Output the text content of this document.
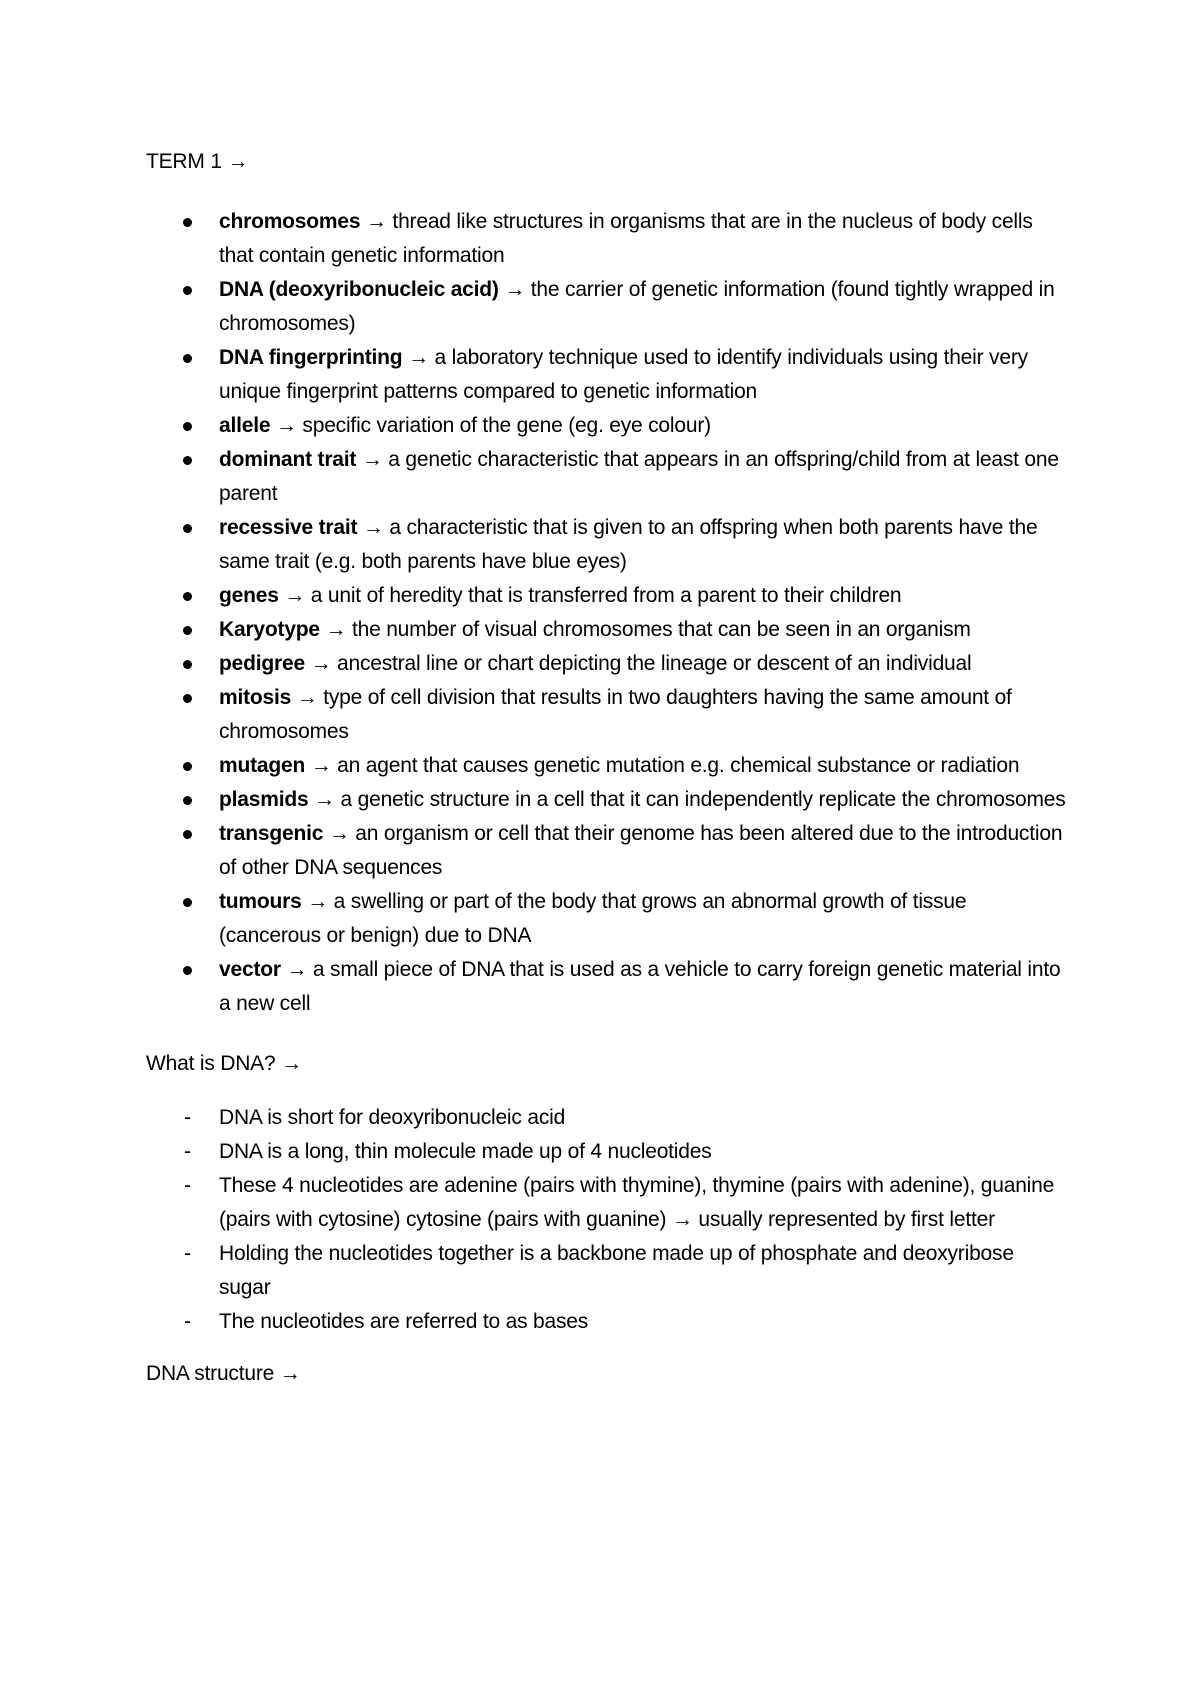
TERM 1 →

chromosomes → thread like structures in organisms that are in the nucleus of body cells that contain genetic information
DNA (deoxyribonucleic acid) → the carrier of genetic information (found tightly wrapped in chromosomes)
DNA fingerprinting → a laboratory technique used to identify individuals using their very unique fingerprint patterns compared to genetic information
allele → specific variation of the gene (eg. eye colour)
dominant trait → a genetic characteristic that appears in an offspring/child from at least one parent
recessive trait → a characteristic that is given to an offspring when both parents have the same trait (e.g. both parents have blue eyes)
genes → a unit of heredity that is transferred from a parent to their children
Karyotype → the number of visual chromosomes that can be seen in an organism
pedigree → ancestral line or chart depicting the lineage or descent of an individual
mitosis → type of cell division that results in two daughters having the same amount of chromosomes
mutagen → an agent that causes genetic mutation e.g. chemical substance or radiation
plasmids → a genetic structure in a cell that it can independently replicate the chromosomes
transgenic → an organism or cell that their genome has been altered due to the introduction of other DNA sequences
tumours → a swelling or part of the body that grows an abnormal growth of tissue (cancerous or benign) due to DNA
vector → a small piece of DNA that is used as a vehicle to carry foreign genetic material into a new cell

What is DNA? →

- DNA is short for deoxyribonucleic acid
- DNA is a long, thin molecule made up of 4 nucleotides
- These 4 nucleotides are adenine (pairs with thymine), thymine (pairs with adenine), guanine (pairs with cytosine) cytosine (pairs with guanine) → usually represented by first letter
- Holding the nucleotides together is a backbone made up of phosphate and deoxyribose sugar
- The nucleotides are referred to as bases

DNA structure →
